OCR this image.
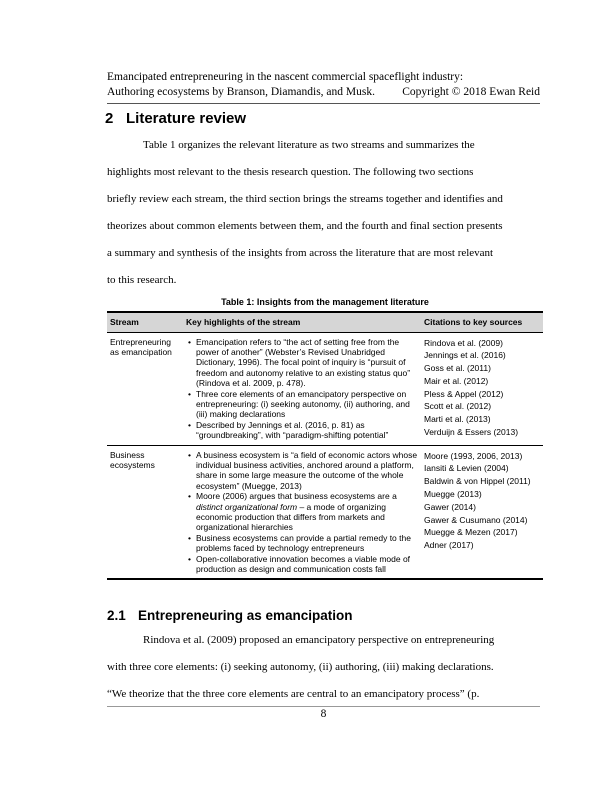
Emancipated entrepreneuring in the nascent commercial spaceflight industry:
Authoring ecosystems by Branson, Diamandis, and Musk. Copyright © 2018 Ewan Reid
2 Literature review
Table 1 organizes the relevant literature as two streams and summarizes the
highlights most relevant to the thesis research question. The following two sections
briefly review each stream, the third section brings the streams together and identifies and
theorizes about common elements between them, and the fourth and final section presents
a summary and synthesis of the insights from across the literature that are most relevant
to this research.
Table 1: Insights from the management literature
Stream	Key highlights of the stream	Citations to key sources
Entrepreneuring as emancipation
• Emancipation refers to “the act of setting free from the power of another” (Webster’s Revised Unabridged Dictionary, 1996). The focal point of inquiry is “pursuit of freedom and autonomy relative to an existing status quo” (Rindova et al. 2009, p. 478).
• Three core elements of an emancipatory perspective on entrepreneuring: (i) seeking autonomy, (ii) authoring, and (iii) making declarations
• Described by Jennings et al. (2016, p. 81) as “groundbreaking”, with “paradigm-shifting potential”
Rindova et al. (2009)
Jennings et al. (2016)
Goss et al. (2011)
Mair et al. (2012)
Pless & Appel (2012)
Scott et al. (2012)
Marti et al. (2013)
Verduijn & Essers (2013)
Business ecosystems
• A business ecosystem is “a field of economic actors whose individual business activities, anchored around a platform, share in some large measure the outcome of the whole ecosystem” (Muegge, 2013)
• Moore (2006) argues that business ecosystems are a distinct organizational form – a mode of organizing economic production that differs from markets and organizational hierarchies
• Business ecosystems can provide a partial remedy to the problems faced by technology entrepreneurs
• Open-collaborative innovation becomes a viable mode of production as design and communication costs fall
Moore (1993, 2006, 2013)
Iansiti & Levien (2004)
Baldwin & von Hippel (2011)
Muegge (2013)
Gawer (2014)
Gawer & Cusumano (2014)
Muegge & Mezen (2017)
Adner (2017)
2.1 Entrepreneuring as emancipation
Rindova et al. (2009) proposed an emancipatory perspective on entrepreneuring
with three core elements: (i) seeking autonomy, (ii) authoring, (iii) making declarations.
“We theorize that the three core elements are central to an emancipatory process” (p.
8
